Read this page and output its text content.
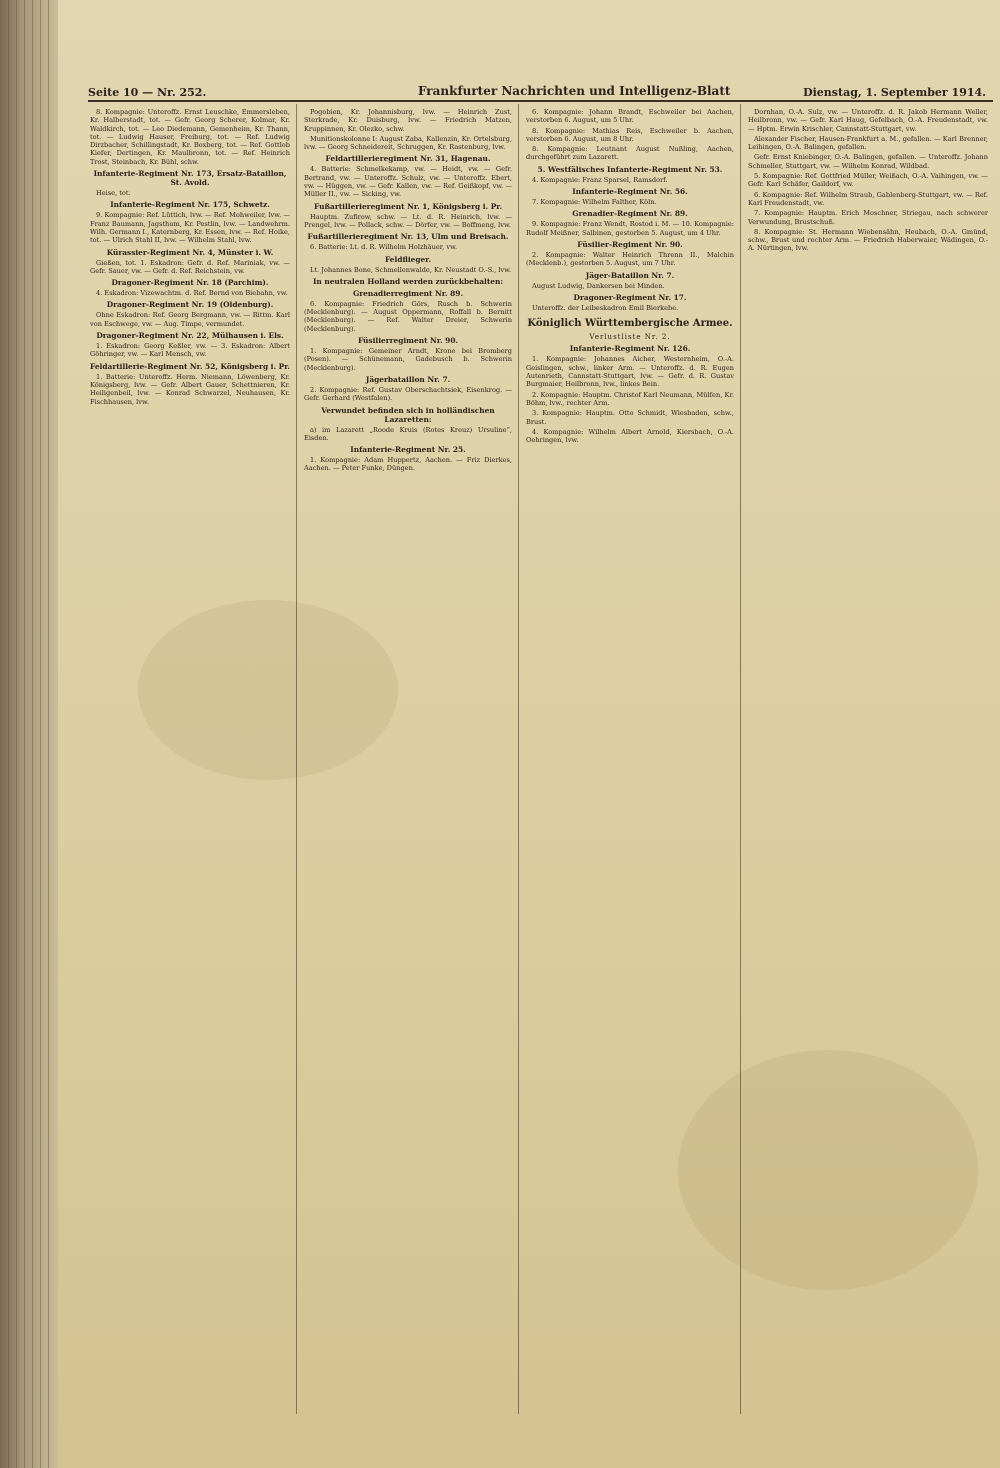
Seite 10 — Nr. 252.	Frankfurter Nachrichten und Intelligenz-Blatt	Dienstag, 1. September 1914.

8. Kompagnie: Unteroffz. Ernst Leuschke, Emmersleben, Kr. Halberstadt, tot. — Gefr. Georg Scherer, Kolmar, Kr. Waldkirch, tot. — Leo Diedemann, Gemenheim, Kr. Thann, tot. — Ludwig Hauser, Freiburg, tot. — Ref. Ludwig Dirzbacher, Schillingstadt, Kr. Boxberg, tot. — Ref. Gottlob Kiefer, Dertingen, Kr. Maulbronn, tot. — Ref. Heinrich Trost, Steinbach, Kr. Bühl, schw.

Infanterie-Regiment Nr. 173, Ersatz-Bataillon, St. Avold.

Heise, tot.

Infanterie-Regiment Nr. 175, Schwetz.

9. Kompagnie: Ref. Lüttich, lvw. — Ref. Mohweiler, lvw. — Franz Baumann, Jagsthum, Kr. Pestlin, lvw. — Landwehrm. Wilh. Germann I., Katernberg, Kr. Essen, lvw. — Ref. Hoike, tot. — Ulrich Stahl II, lvw. — Wilhelm Stahl, lvw.

Kürassier-Regiment Nr. 4, Münster i. W.

Gießen, tot. 1. Eskadron: Gefr. d. Ref. Mariniak, vw. — Gefr. Sauer, vw. — Gefr. d. Ref. Reichstein, vw.

Dragoner-Regiment Nr. 18 (Parchim).

4. Eskadron: Vizewachtm. d. Ref. Bernd von Biebahn, vw.

Dragoner-Regiment Nr. 19 (Oldenburg).

Ohne Eskadron: Ref. Georg Bergmann, vw. — Rittm. Karl von Eschwege, vw. — Aug. Timpe, vermundet.

Dragoner-Regiment Nr. 22, Mülhausen i. Els.

1. Eskadron: Georg Keßler, vw. — 3. Eskadron: Albert Göhringer, vw. — Karl Mensch, vw.

Feldartillerie-Regiment Nr. 52, Königsberg i. Pr.

1. Batterie: Unteroffz. Herm. Niemann, Löwenberg, Kr. Königsberg, lvw. — Gefr. Albert Gauer, Schettnieren, Kr. Heiligenbeil, lvw. — Konrad Schwarzel, Neuhausen, Kr. Fischhausen, lvw.

Pogobien, Kr. Johannisburg, lvw. — Heinrich Zust, Sterkrade, Kr. Duisburg, lvw. — Friedrich Matzen, Kruppinnen, Kr. Olezko, schw.

Munitionskolonne I: August Zaba, Kallenzin, Kr. Ortelsburg, lvw. — Georg Schneidereit, Schruggen, Kr. Rastenburg, lvw.

Feldartillerieregiment Nr. 31, Hagenau.

4. Batterie: Schmelkekamp, vw. — Heidt, vw. — Gefr. Bertrand, vw. — Unteroffz. Schulz, vw. — Unteroffz. Ebert, vw. — Hüggen, vw. — Gefr. Kallen, vw. — Ref. Geißkopf, vw. — Müller II., vw. — Sicking, vw.

Fußartillerieregiment Nr. 1, Königsberg i. Pr.

Hauptm. Zufirow, schw. — Lt. d. R. Heinrich, lvw. — Prengel, lvw. — Pollack, schw. — Dörfer, vw. — Boffmeng, lvw.

Fußartillerieregiment Nr. 13, Ulm und Breisach.

6. Batterie: Lt. d. R. Wilhelm Holzhäuer, vw.

Feldflieger.

Lt. Johannes Bone, Schmellenwalde, Kr. Neustadt O.-S., lvw.

In neutralen Holland werden zurückbehalten:
Grenadierregiment Nr. 89.

6. Kompagnie: Friedrich Görs, Rusch b. Schwerin (Mecklenburg). — August Oppermann, Roffall b. Bernitt (Mecklenburg). — Ref. Walter Dreier, Schwerin (Mecklenburg).

Füsilierregiment Nr. 90.

1. Kompagnie: Gemeiner Arndt, Krone bei Bromberg (Posen). — Schünemann, Gadebusch b. Schwerin (Mecklenburg).

Jägerbataillon Nr. 7.

2. Kompagnie: Ref. Gustav Oberschachtsiek, Eisenkrog. — Gefr. Gerhard (Westfalen).

Verwundet befinden sich in holländischen Lazaretten:

a) im Lazarett „Roode Kruis (Rotes Kreuz) Ursuline“, Eisden.

Infanterie-Regiment Nr. 25.

1. Kompagnie: Adam Huppertz, Aachen. — Friz Dierkes, Aachen. — Peter Funke, Düngen.

6. Kompagnie: Johann Brandt, Eschweiler bei Aachen, verstorben 6. August, um 5 Uhr.

8. Kompagnie: Mathias Reis, Eschweiler b. Aachen, verstorben 6. August, um 8 Uhr.

8. Kompagnie: Leutnant August Nußling, Aachen, durchgeführt zum Lazarett.

5. Westfälisches Infanterie-Regiment Nr. 53.

4. Kompagnie: Franz Sparsel, Ramsdorf.

Infanterie-Regiment Nr. 56.

7. Kompagnie: Wilhelm Falther, Köln.

Grenadier-Regiment Nr. 89.

9. Kompagnie: Franz Wendt, Rostod i. M. — 10. Kompagnie: Rudolf Meißner, Salbinen, gestorben 5. August, um 4 Uhr.

Füsilier-Regiment Nr. 90.

2. Kompagnie: Walter Heinrich Threnn II., Malchin (Mecklenb.), gestorben 5. August, um 7 Uhr.

Jäger-Bataillon Nr. 7.

August Ludwig, Dankersen bei Minden.

Dragoner-Regiment Nr. 17.

Unteroffz. der Leibeskadron Emil Bierkebe.

Königlich Württembergische Armee.
Verlustliste Nr. 2.
Infanterie-Regiment Nr. 126.

1. Kompagnie: Johannes Aicher, Westernheim, O.-A. Geislingen, schw., linker Arm. — Unteroffz. d. R. Eugen Autenrieth, Cannstatt-Stuttgart, lvw. — Gefr. d. R. Gustav Burgmaier, Heilbronn, lvw., linkes Bein.

2. Kompagnie: Hauptm. Christof Karl Neumann, Mülfen, Kr. Böhm, lvw., rechter Arm.

3. Kompagnie: Hauptm. Otto Schmidt, Wiesbaden, schw., Brust.

4. Kompagnie: Wilhelm Albert Arnold, Kiersbach, O.-A. Oehringen, lvw.

Dornhan, O.-A. Sulz, vw. — Unteroffz. d. R. Jakob Hermann Weller, Heilbronn, vw. — Gefr. Karl Haug, Gefelbach, O.-A. Freudenstadt, vw. — Hptm. Erwin Krischler, Cannstatt-Stuttgart, vw.

Alexander Fischer, Hausen-Frankfurt a. M., gefallen. — Karl Brenner, Leihingen, O.-A. Balingen, gefallen.

Gefr. Ernst Kniebinger, O.-A. Balingen, gefallen. — Unteroffz. Johann Schmeller, Stuttgart, vw. — Wilhelm Konrad, Wildbad.

5. Kompagnie: Ref. Gottfried Müller, Weißach, O.-A. Vaihingen, vw. — Gefr. Karl Schäfer, Gaildorf, vw.

6. Kompagnie: Ref. Wilhelm Straub, Gablenberg-Stuttgart, vw. — Ref. Karl Freudenstadt, vw.

7. Kompagnie: Hauptm. Erich Moschner, Striegau, nach schwerer Verwundung, Brustschuß.

8. Kompagnie: St. Hermann Wiebensähn, Heubach, O.-A. Gmünd, schw., Brust und rechter Arm. — Friedrich Haberwaier, Wädingen, O.-A. Nürtingen, lvw.
